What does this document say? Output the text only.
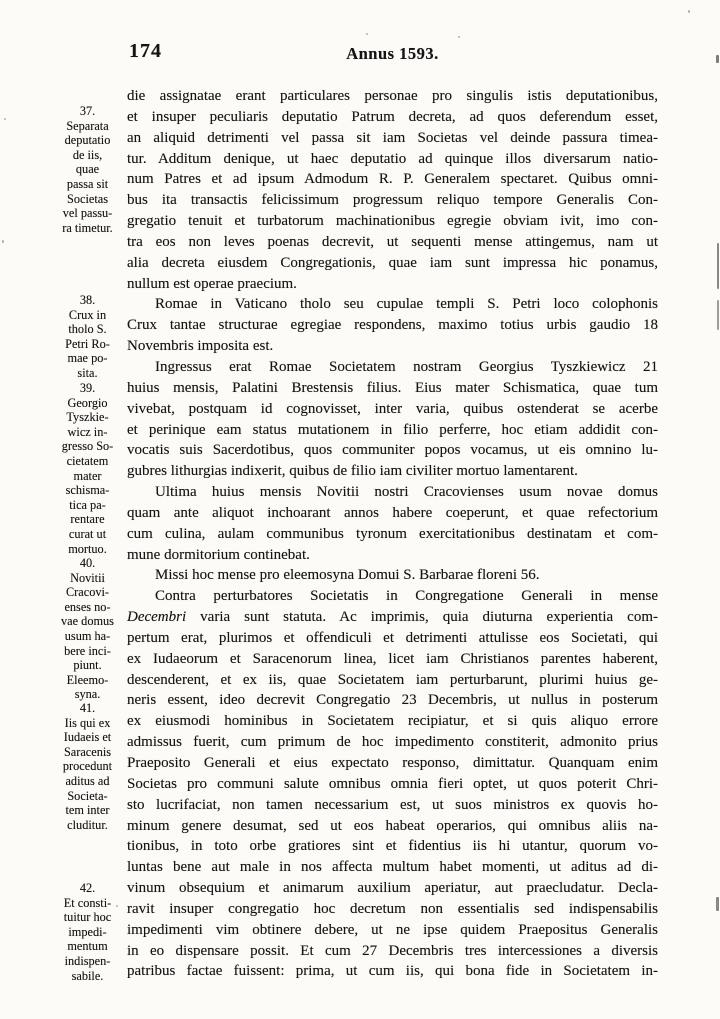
174	Annus 1593.
37.
Separata
deputatio
de iis,
quae
passa sit
Societas
vel passu-
ra timetur.
38.
Crux in
tholo S.
Petri Ro-
mae po-
sita.
39.
Georgio
Tyszkie-
wicz in-
gresso So-
cietatem
mater
schisma-
tica pa-
rentare
curat ut
mortuo.
40.
Novitii
Cracovi-
enses no-
vae domus
usum ha-
bere inci-
piunt.
Eleemo-
syna.
41.
Iis qui ex
Iudaeis et
Saracenis
procedunt
aditus ad
Societa-
tem inter
cluditur.
42.
Et consti-
tuitur hoc
impedi-
mentum
indispen-
sabile.
die assignatae erant particulares personae pro singulis istis deputationibus,
et insuper peculiaris deputatio Patrum decreta, ad quos deferendum esset,
an aliquid detrimenti vel passa sit iam Societas vel deinde passura timea-
tur. Additum denique, ut haec deputatio ad quinque illos diversarum natio-
num Patres et ad ipsum Admodum R. P. Generalem spectaret. Quibus omni-
bus ita transactis felicissimum progressum reliquo tempore Generalis Con-
gregatio tenuit et turbatorum machinationibus egregie obviam ivit, imo con-
tra eos non leves poenas decrevit, ut sequenti mense attingemus, nam ut
alia decreta eiusdem Congregationis, quae iam sunt impressa hic ponamus,
nullum est operae praecium.
Romae in Vaticano tholo seu cupulae templi S. Petri loco colophonis
Crux tantae structurae egregiae respondens, maximo totius urbis gaudio 18
Novembris imposita est.
Ingressus erat Romae Societatem nostram Georgius Tyszkiewicz 21
huius mensis, Palatini Brestensis filius. Eius mater Schismatica, quae tum
vivebat, postquam id cognovisset, inter varia, quibus ostenderat se acerbe
et perinique eam status mutationem in filio perferre, hoc etiam addidit con-
vocatis suis Sacerdotibus, quos communiter popos vocamus, ut eis omnino lu-
gubres lithurgias indixerit, quibus de filio iam civiliter mortuo lamentarent.
Ultima huius mensis Novitii nostri Cracovienses usum novae domus
quam ante aliquot inchoarant annos habere coeperunt, et quae refectorium
cum culina, aulam communibus tyronum exercitationibus destinatam et com-
mune dormitorium continebat.
Missi hoc mense pro eleemosyna Domui S. Barbarae floreni 56.
Contra perturbatores Societatis in Congregatione Generali in mense
Decembri varia sunt statuta. Ac imprimis, quia diuturna experientia com-
pertum erat, plurimos et offendiculi et detrimenti attulisse eos Societati, qui
ex Iudaeorum et Saracenorum linea, licet iam Christianos parentes haberent,
descenderent, et ex iis, quae Societatem iam perturbarunt, plurimi huius ge-
neris essent, ideo decrevit Congregatio 23 Decembris, ut nullus in posterum
ex eiusmodi hominibus in Societatem recipiatur, et si quis aliquo errore
admissus fuerit, cum primum de hoc impedimento constiterit, admonito prius
Praeposito Generali et eius expectato responso, dimittatur. Quanquam enim
Societas pro communi salute omnibus omnia fieri optet, ut quos poterit Chri-
sto lucrifaciat, non tamen necessarium est, ut suos ministros ex quovis ho-
minum genere desumat, sed ut eos habeat operarios, qui omnibus aliis na-
tionibus, in toto orbe gratiores sint et fidentius iis hi utantur, quorum vo-
luntas bene aut male in nos affecta multum habet momenti, ut aditus ad di-
vinum obsequium et animarum auxilium aperiatur, aut praecludatur. Decla-
ravit insuper congregatio hoc decretum non essentialis sed indispensabilis
impedimenti vim obtinere debere, ut ne ipse quidem Praepositus Generalis
in eo dispensare possit. Et cum 27 Decembris tres intercessiones a diversis
patribus factae fuissent: prima, ut cum iis, qui bona fide in Societatem in-
